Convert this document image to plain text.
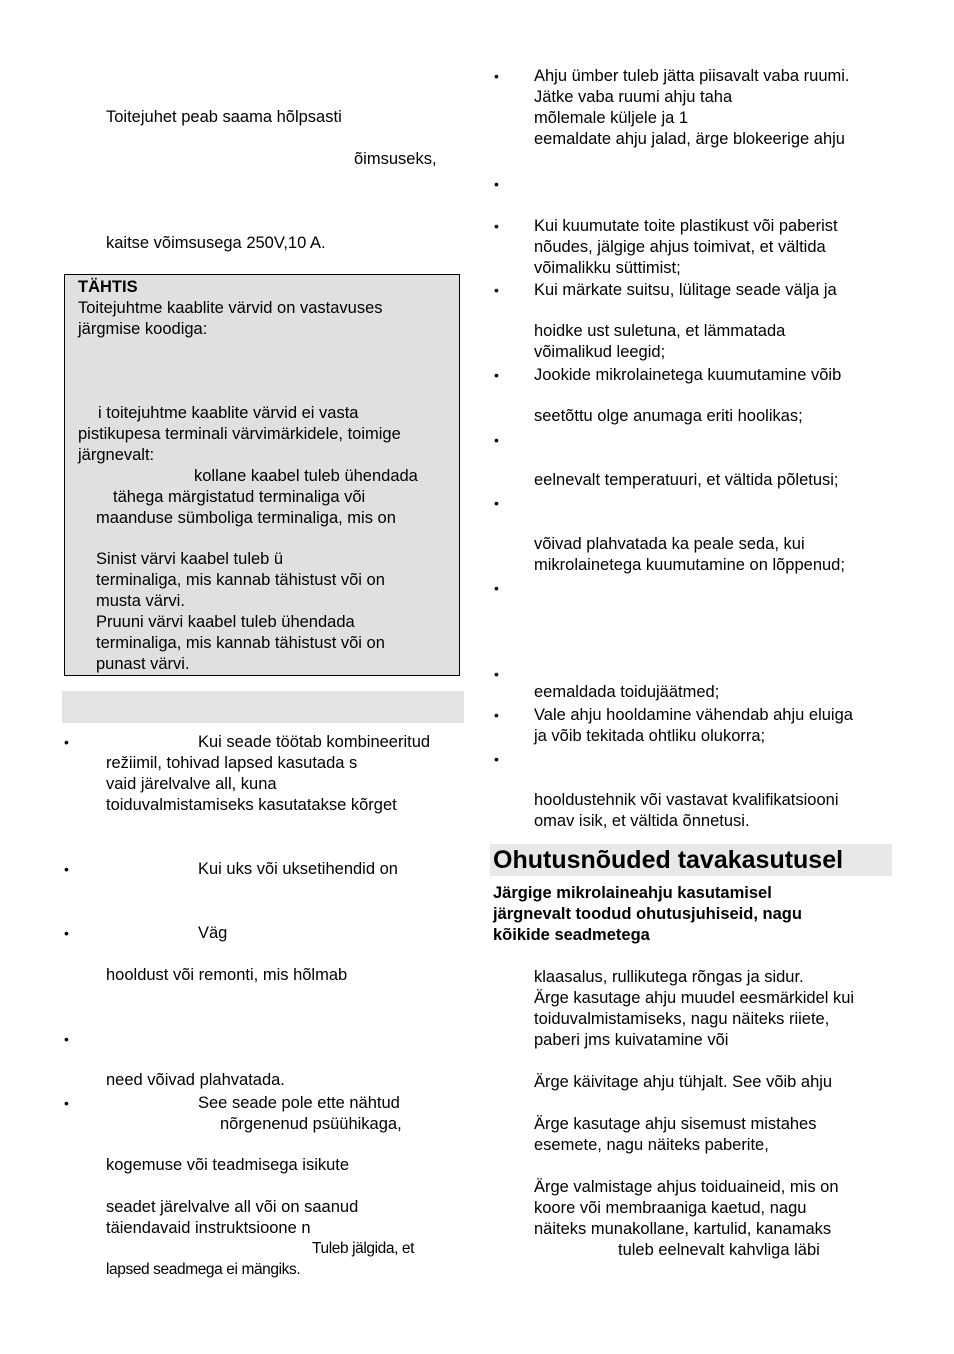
Toitejuhet peab saama hõlpsasti
õimsuseks,
kaitse võimsusega 250V,10 A.
TÄHTIS
Toitejuhtme kaablite värvid on vastavuses
järgmise koodiga:
i toitejuhtme kaablite värvid ei vasta
pistikupesa terminali värvimärkidele, toimige
järgnevalt:
kollane kaabel tuleb ühendada
tähega märgistatud terminaliga või
maanduse sümboliga terminaliga, mis on
Sinist värvi kaabel tuleb ü
terminaliga, mis kannab tähistust või on
musta värvi.
Pruuni värvi kaabel tuleb ühendada
terminaliga, mis kannab tähistust või on
punast värvi.
•	Kui seade töötab kombineeritud
režiimil, tohivad lapsed kasutada s
vaid järelvalve all, kuna
toiduvalmistamiseks kasutatakse kõrget
•	Kui uks või uksetihendid on
•	Väg
hooldust või remonti, mis hõlmab
•
need võivad plahvatada.
•	See seade pole ette nähtud
nõrgenenud psüühikaga,
kogemuse või teadmisega isikute
seadet järelvalve all või on saanud
täiendavaid instruktsioone n
Tuleb jälgida, et
lapsed seadmega ei mängiks.
• Ahju ümber tuleb jätta piisavalt vaba ruumi.
Jätke vaba ruumi ahju taha
mõlemale küljele ja 1
eemaldate ahju jalad, ärge blokeerige ahju
•
• Kui kuumutate toite plastikust või paberist
nõudes, jälgige ahjus toimivat, et vältida
võimalikku süttimist;
• Kui märkate suitsu, lülitage seade välja ja
hoidke ust suletuna, et lämmatada
võimalikud leegid;
• Jookide mikrolainetega kuumutamine võib
seetõttu olge anumaga eriti hoolikas;
•
eelnevalt temperatuuri, et vältida põletusi;
•
võivad plahvatada ka peale seda, kui
mikrolainetega kuumutamine on lõppenud;
•
•
eemaldada toidujäätmed;
• Vale ahju hooldamine vähendab ahju eluiga
ja võib tekitada ohtliku olukorra;
•
hooldustehnik või vastavat kvalifikatsiooni
omav isik, et vältida õnnetusi.
Ohutusnõuded tavakasutusel
Järgige mikrolaineahju kasutamisel
järgnevalt toodud ohutusjuhiseid, nagu
kõikide seadmetega
klaasalus, rullikutega rõngas ja sidur.
Ärge kasutage ahju muudel eesmärkidel kui
toiduvalmistamiseks, nagu näiteks riiete,
paberi jms kuivatamine või
Ärge käivitage ahju tühjalt. See võib ahju
Ärge kasutage ahju sisemust mistahes
esemete, nagu näiteks paberite,
Ärge valmistage ahjus toiduaineid, mis on
koore või membraaniga kaetud, nagu
näiteks munakollane, kartulid, kanamaks
tuleb eelnevalt kahvliga läbi
